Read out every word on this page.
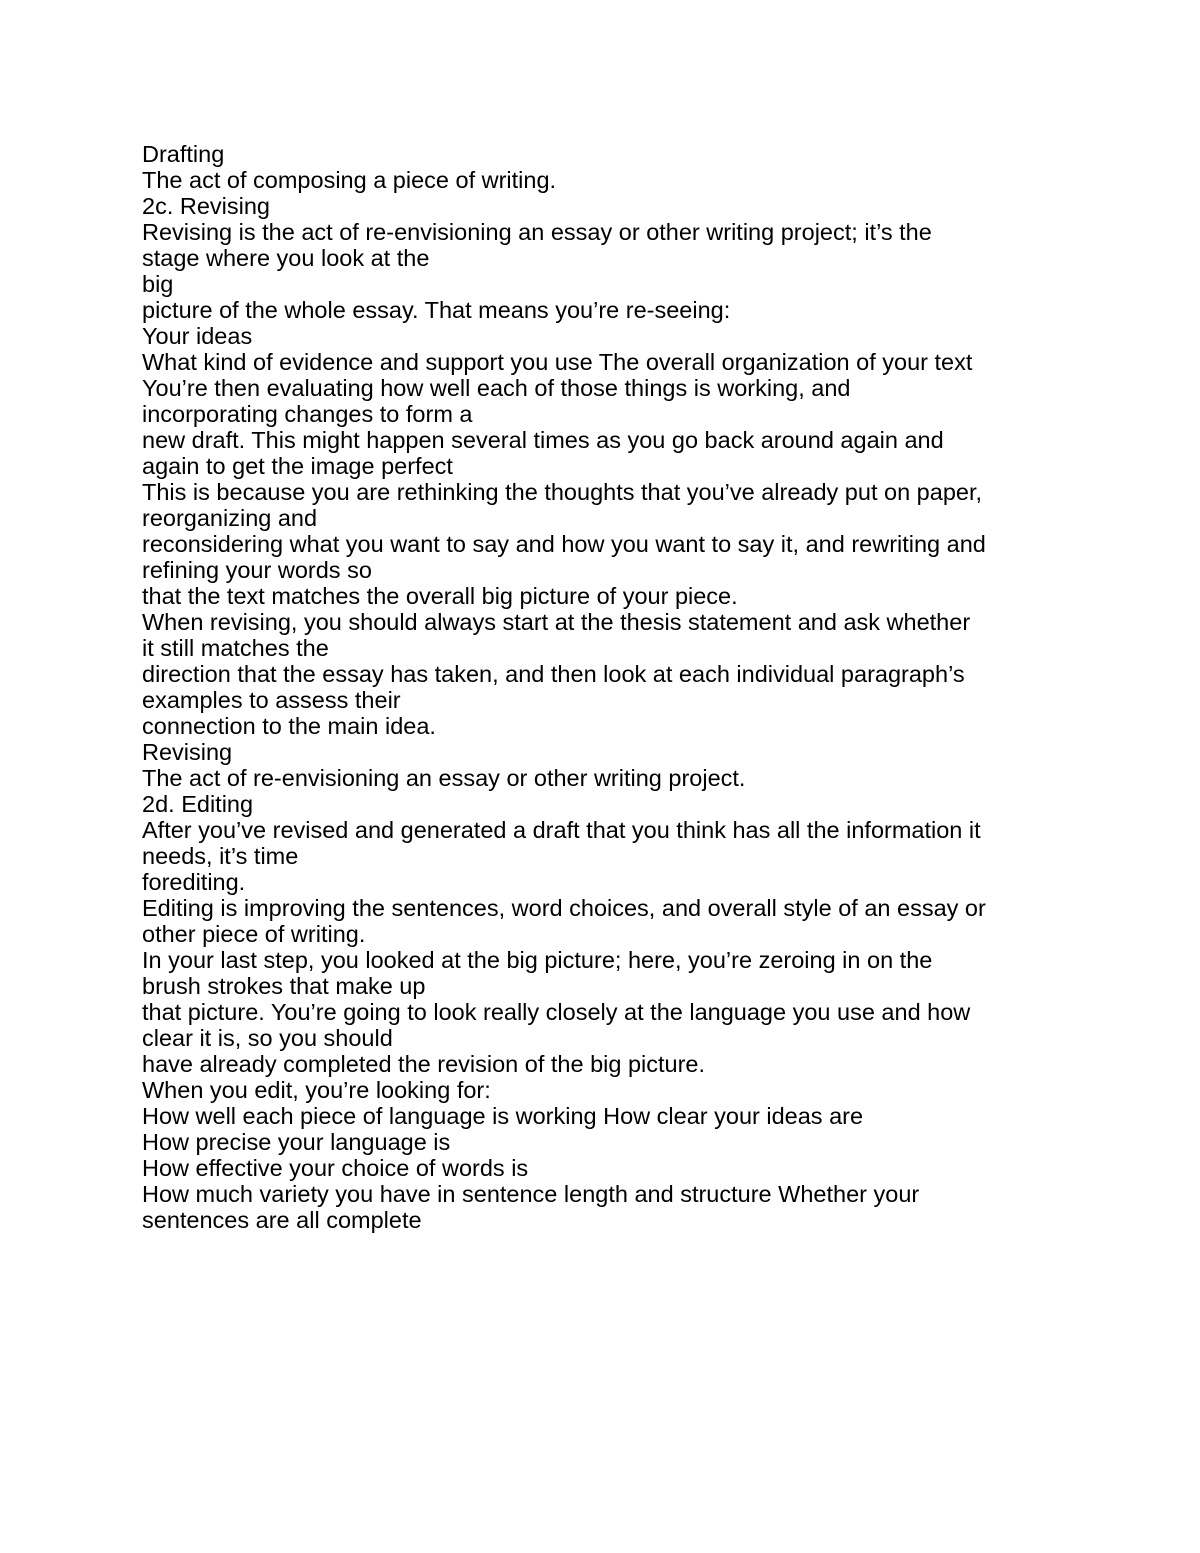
Drafting
The act of composing a piece of writing.
2c. Revising
Revising is the act of re-envisioning an essay or other writing project; it’s the
stage where you look at the
big
picture of the whole essay. That means you’re re-seeing:
Your ideas
What kind of evidence and support you use The overall organization of your text
You’re then evaluating how well each of those things is working, and
incorporating changes to form a
new draft. This might happen several times as you go back around again and
again to get the image perfect
This is because you are rethinking the thoughts that you’ve already put on paper,
reorganizing and
reconsidering what you want to say and how you want to say it, and rewriting and
refining your words so
that the text matches the overall big picture of your piece.
When revising, you should always start at the thesis statement and ask whether
it still matches the
direction that the essay has taken, and then look at each individual paragraph’s
examples to assess their
connection to the main idea.
Revising
The act of re-envisioning an essay or other writing project.
2d. Editing
After you’ve revised and generated a draft that you think has all the information it
needs, it’s time
forediting.
Editing is improving the sentences, word choices, and overall style of an essay or
other piece of writing.
In your last step, you looked at the big picture; here, you’re zeroing in on the
brush strokes that make up
that picture. You’re going to look really closely at the language you use and how
clear it is, so you should
have already completed the revision of the big picture.
When you edit, you’re looking for:
How well each piece of language is working How clear your ideas are
How precise your language is
How effective your choice of words is
How much variety you have in sentence length and structure Whether your
sentences are all complete
